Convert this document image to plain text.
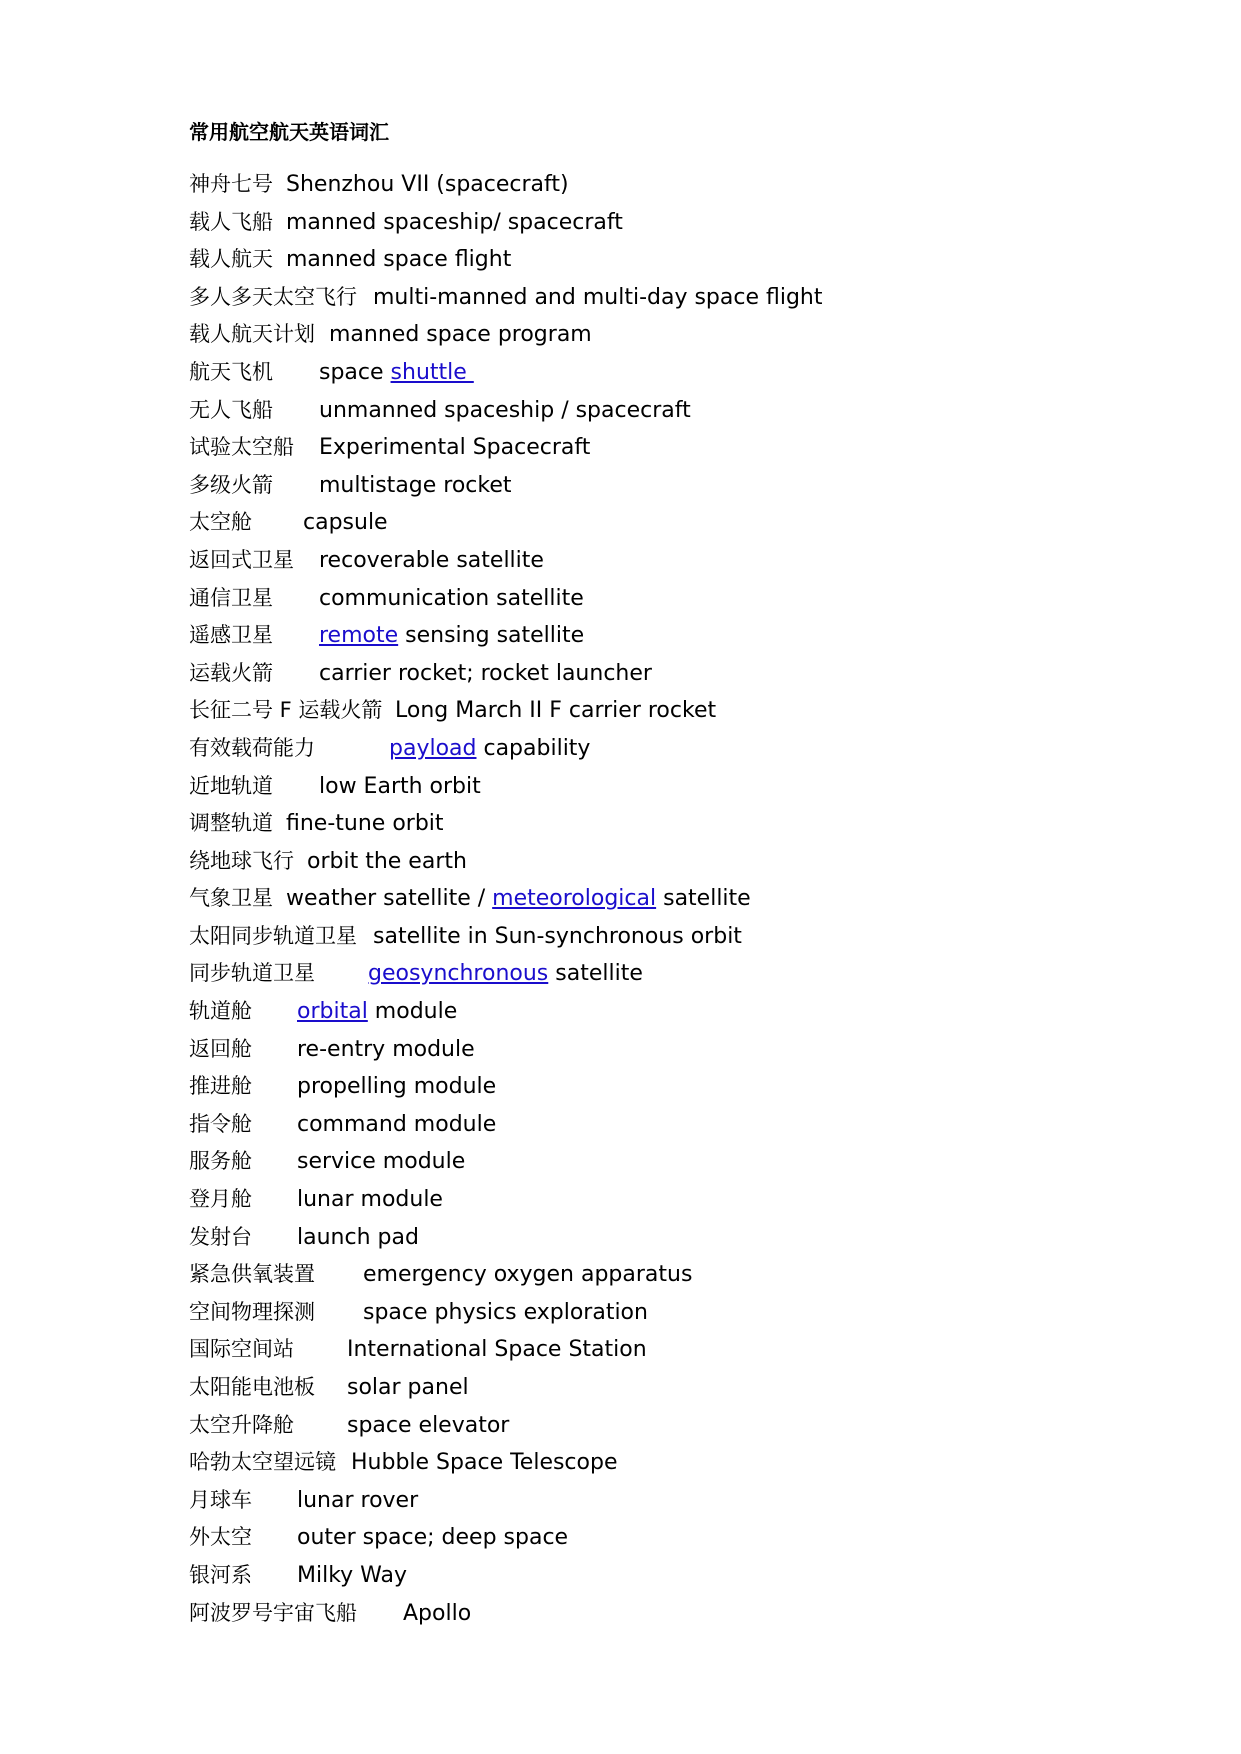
常用航空航天英语词汇
神舟七号 Shenzhou VII (spacecraft)
载人飞船 manned spaceship/ spacecraft
载人航天 manned space flight
多人多天太空飞行 multi-manned and multi-day space flight
载人航天计划 manned space program
航天飞机 space shuttle
无人飞船 unmanned spaceship / spacecraft
试验太空船 Experimental Spacecraft
多级火箭 multistage rocket
太空舱 capsule
返回式卫星 recoverable satellite
通信卫星 communication satellite
遥感卫星 remote sensing satellite
运载火箭 carrier rocket; rocket launcher
长征二号 F 运载火箭 Long March II F carrier rocket
有效载荷能力	payload capability
近地轨道 low Earth orbit
调整轨道 fine-tune orbit
绕地球飞行 orbit the earth
气象卫星 weather satellite / meteorological satellite
太阳同步轨道卫星 satellite in Sun-synchronous orbit
同步轨道卫星 geosynchronous satellite
轨道舱 orbital module
返回舱 re-entry module
推进舱 propelling module
指令舱 command module
服务舱 service module
登月舱 lunar module
发射台 launch pad
紧急供氧装置 emergency oxygen apparatus
空间物理探测 space physics exploration
国际空间站 International Space Station
太阳能电池板 solar panel
太空升降舱 space elevator
哈勃太空望远镜 Hubble Space Telescope
月球车 lunar rover
外太空 outer space; deep space
银河系 Milky Way
阿波罗号宇宙飞船 Apollo
